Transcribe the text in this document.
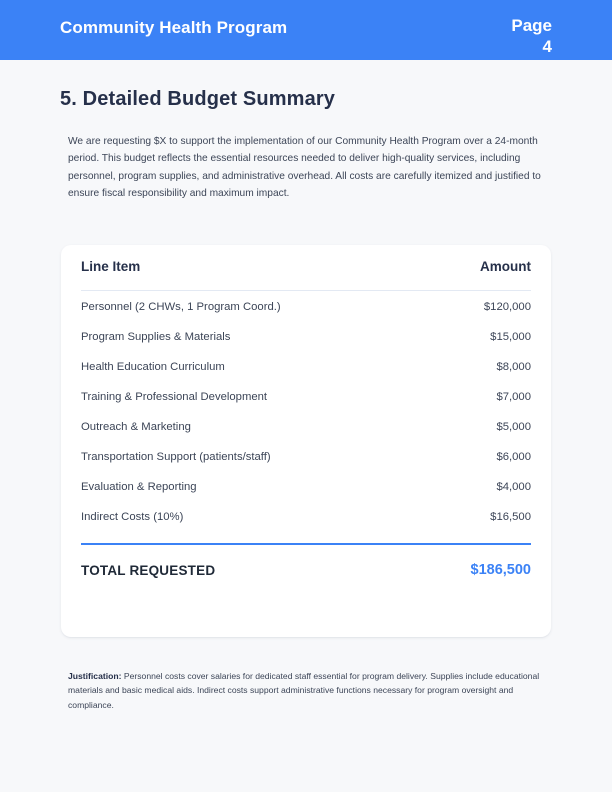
Community Health Program	Page 4
5. Detailed Budget Summary
We are requesting $X to support the implementation of our Community Health Program over a 24-month period. This budget reflects the essential resources needed to deliver high-quality services, including personnel, program supplies, and administrative overhead. All costs are carefully itemized and justified to ensure fiscal responsibility and maximum impact.
Line Item	Amount
Personnel (2 CHWs, 1 Program Coord.)	$120,000
Program Supplies & Materials	$15,000
Health Education Curriculum	$8,000
Training & Professional Development	$7,000
Outreach & Marketing	$5,000
Transportation Support (patients/staff)	$6,000
Evaluation & Reporting	$4,000
Indirect Costs (10%)	$16,500
TOTAL REQUESTED	$186,500
Justification: Personnel costs cover salaries for dedicated staff essential for program delivery. Supplies include educational materials and basic medical aids. Indirect costs support administrative functions necessary for program oversight and compliance.
